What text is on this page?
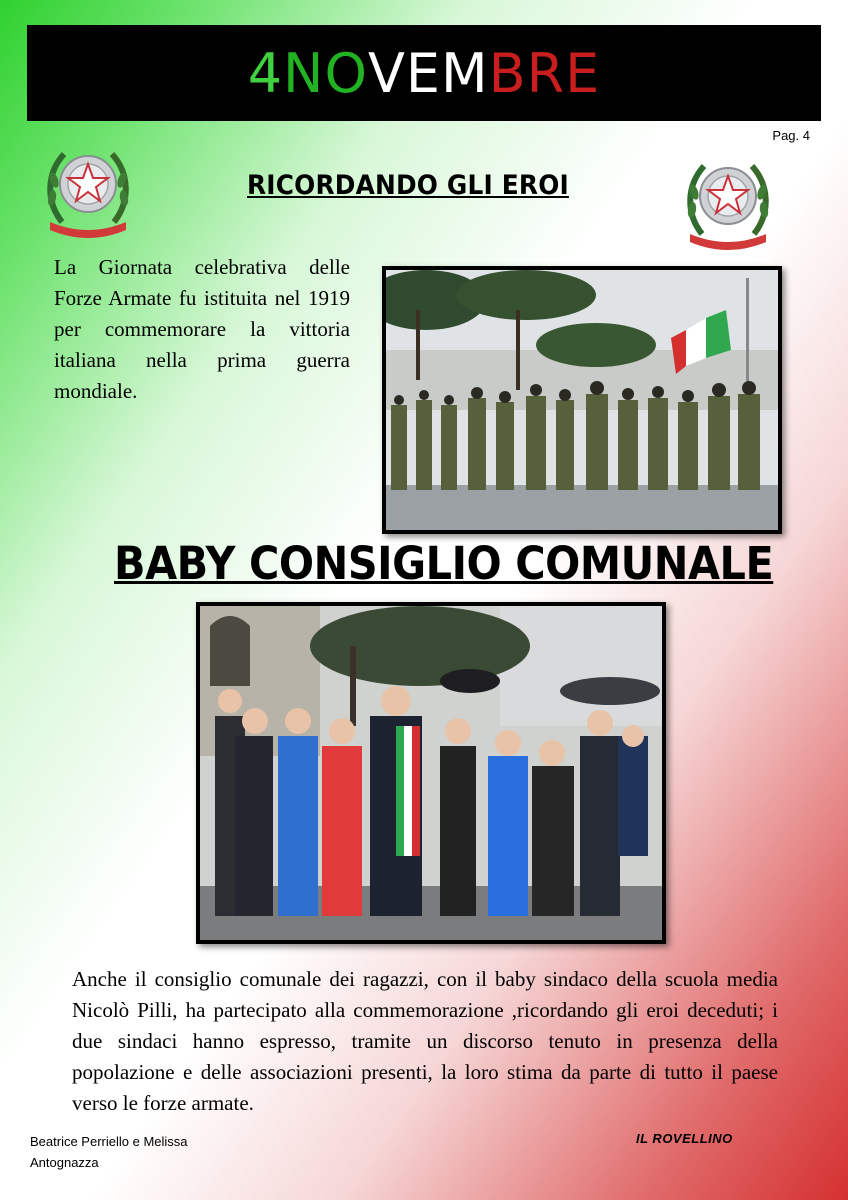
4 NO VEM BRE
Pag. 4
RICORDANDO GLI EROI
La Giornata celebrativa delle Forze Armate fu istituita nel 1919 per commemorare la vittoria italiana nella prima guerra mondiale.
BABY CONSIGLIO COMUNALE
Anche il consiglio comunale dei ragazzi, con il baby sindaco della scuola media Nicolò Pilli, ha partecipato alla commemorazione ,ricordando gli eroi deceduti; i due sindaci hanno espresso, tramite un discorso tenuto in presenza della popolazione e delle associazioni presenti, la loro stima da parte di tutto il paese verso le forze armate.
Beatrice Perriello e Melissa Antognazza
IL ROVELLINO
